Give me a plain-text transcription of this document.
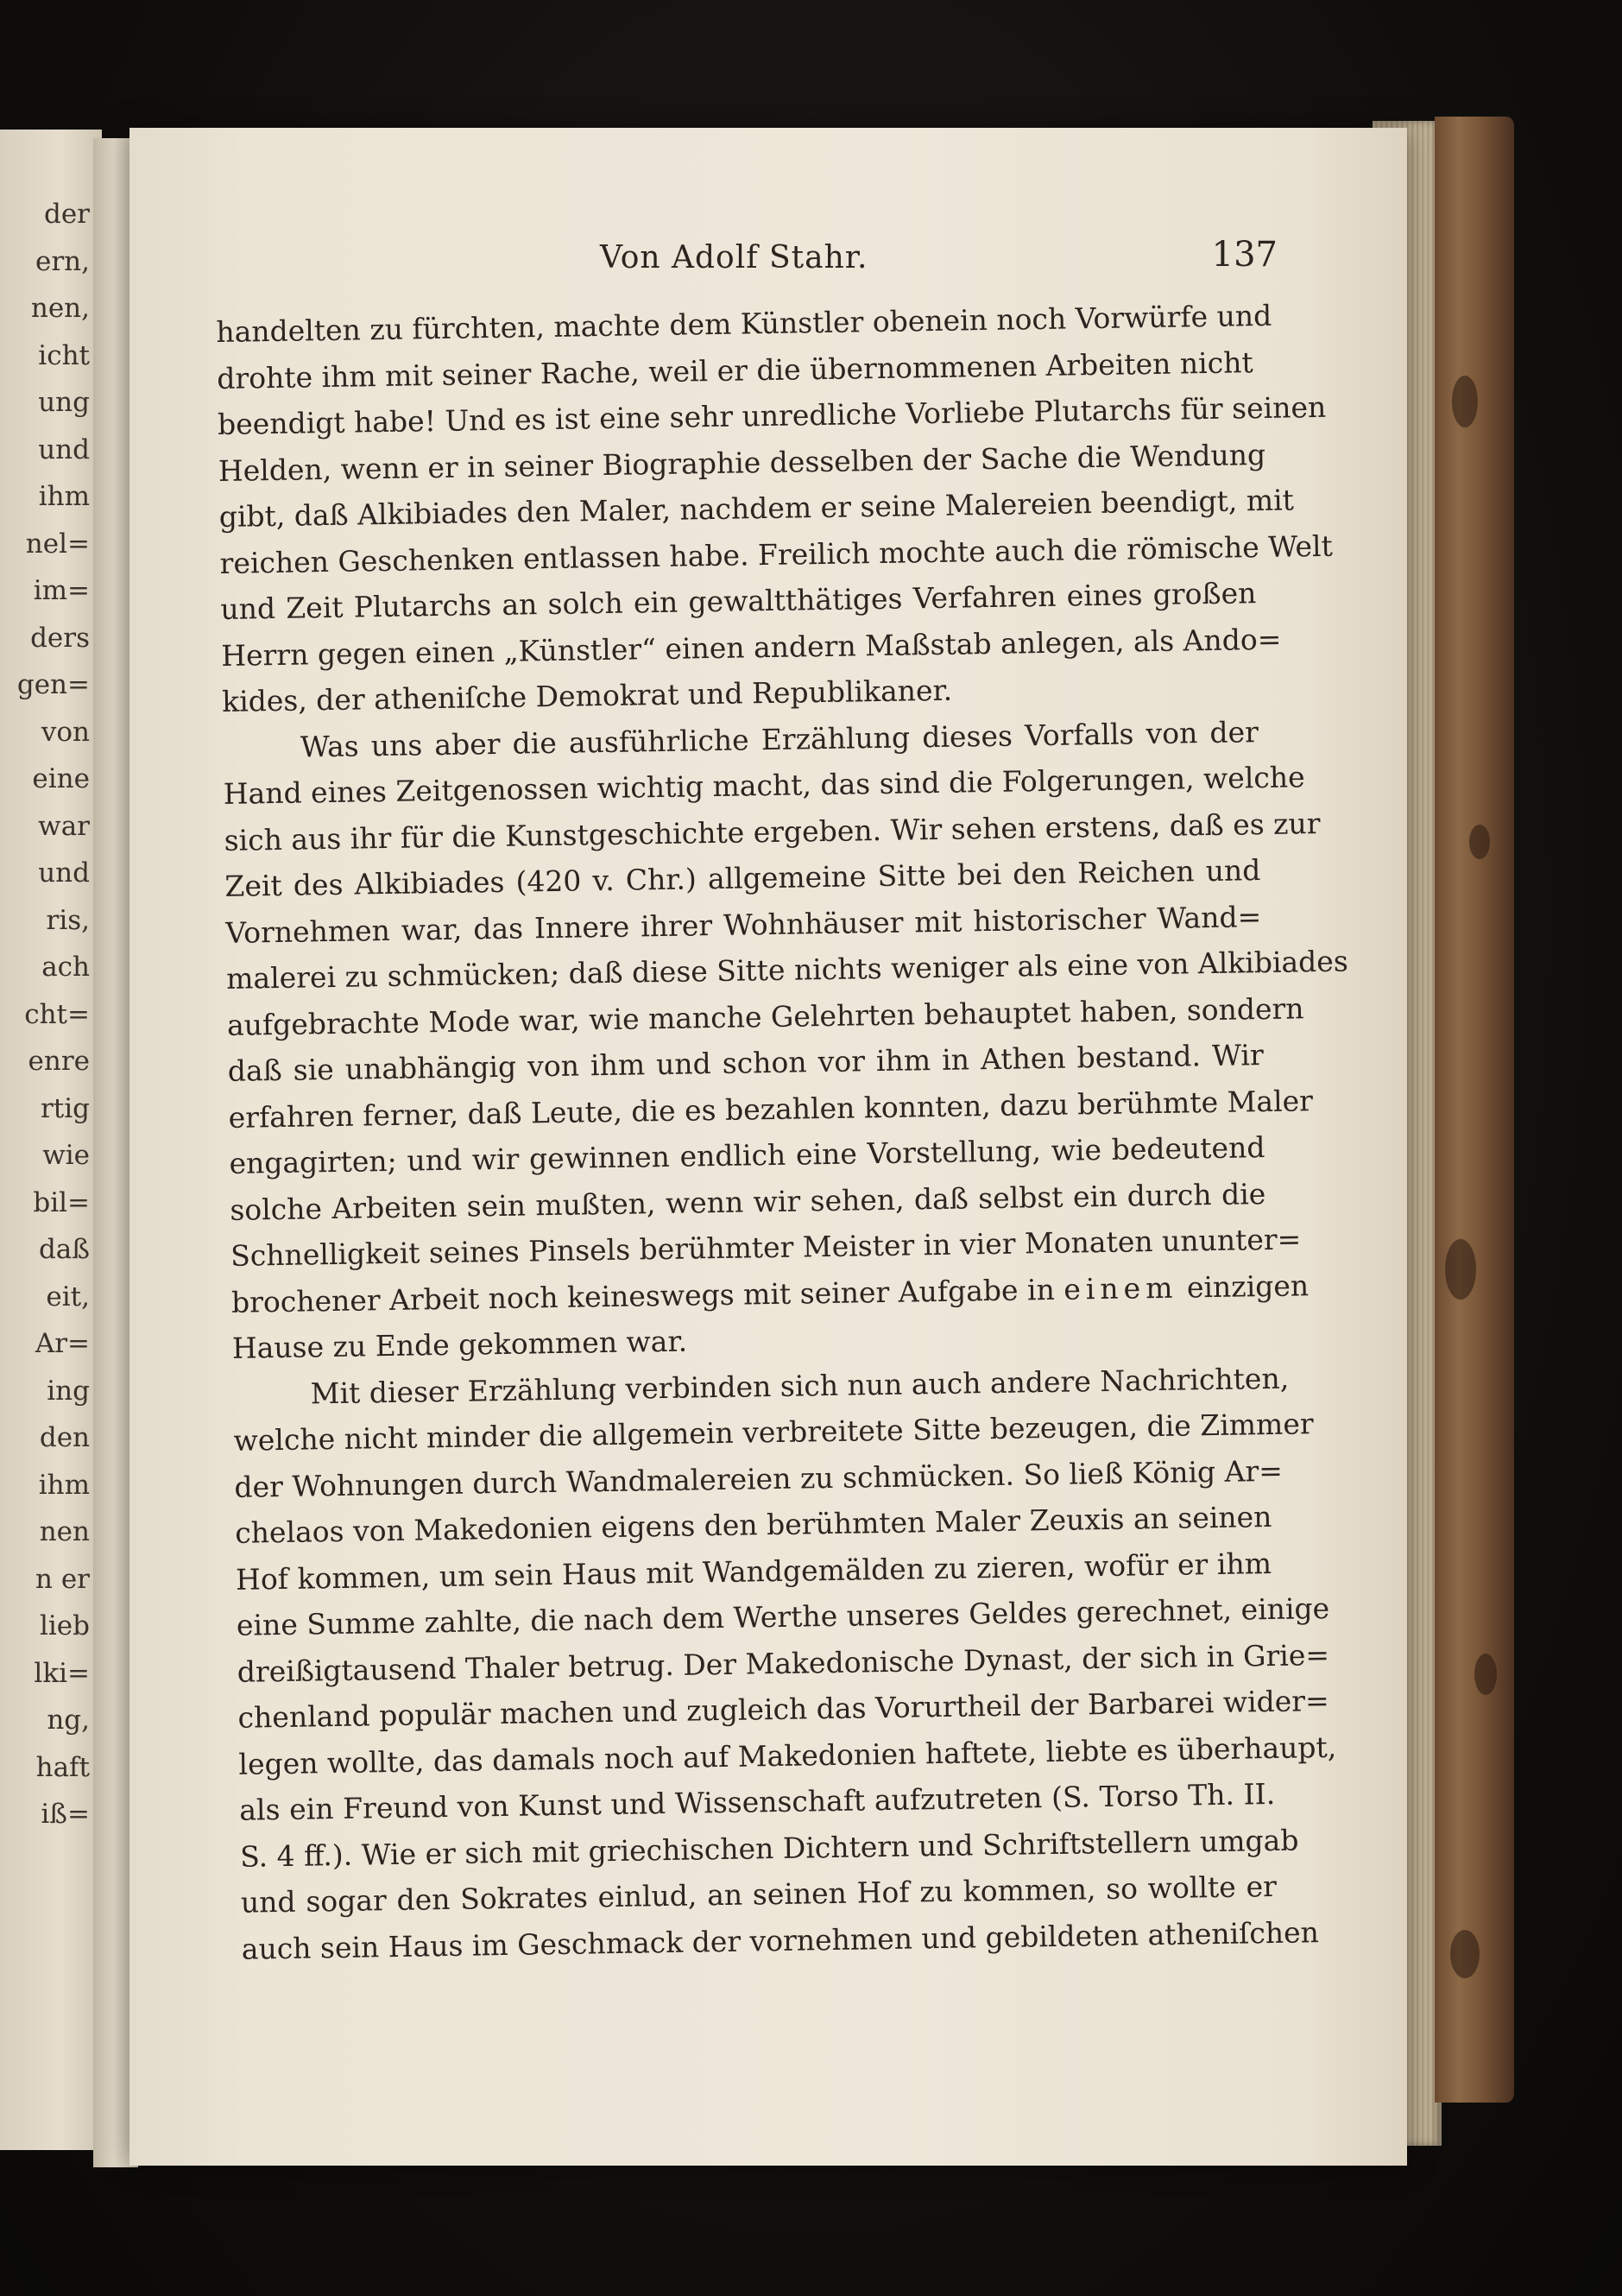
der
ern,
nen,
icht
ung
und
ihm
nel=
im=
ders
gen=
von
eine
war
und
ris,
ach
cht=
enre
rtig
wie
bil=
daß
eit,
Ar=
ing
den
ihm
nen
n er
lieb
lki=
ng,
haft
iß=
Von Adolf Stahr.	137
handelten zu fürchten, machte dem Künstler obenein noch Vorwürfe und
drohte ihm mit seiner Rache, weil er die übernommenen Arbeiten nicht
beendigt habe! Und es ist eine sehr unredliche Vorliebe Plutarchs für seinen
Helden, wenn er in seiner Biographie desselben der Sache die Wendung
gibt, daß Alkibiades den Maler, nachdem er seine Malereien beendigt, mit
reichen Geschenken entlassen habe. Freilich mochte auch die römische Welt
und Zeit Plutarchs an solch ein gewaltthätiges Verfahren eines großen
Herrn gegen einen „Künstler“ einen andern Maßstab anlegen, als Ando=
kides, der atheniſche Demokrat und Republikaner.
Was uns aber die ausführliche Erzählung dieses Vorfalls von der
Hand eines Zeitgenossen wichtig macht, das sind die Folgerungen, welche
sich aus ihr für die Kunstgeschichte ergeben. Wir sehen erstens, daß es zur
Zeit des Alkibiades (420 v. Chr.) allgemeine Sitte bei den Reichen und
Vornehmen war, das Innere ihrer Wohnhäuser mit historischer Wand=
malerei zu schmücken; daß diese Sitte nichts weniger als eine von Alkibiades
aufgebrachte Mode war, wie manche Gelehrten behauptet haben, sondern
daß sie unabhängig von ihm und schon vor ihm in Athen bestand. Wir
erfahren ferner, daß Leute, die es bezahlen konnten, dazu berühmte Maler
engagirten; und wir gewinnen endlich eine Vorstellung, wie bedeutend
solche Arbeiten sein mußten, wenn wir sehen, daß selbst ein durch die
Schnelligkeit seines Pinsels berühmter Meister in vier Monaten ununter=
brochener Arbeit noch keineswegs mit seiner Aufgabe in einem einzigen
Hause zu Ende gekommen war.
Mit dieser Erzählung verbinden sich nun auch andere Nachrichten,
welche nicht minder die allgemein verbreitete Sitte bezeugen, die Zimmer
der Wohnungen durch Wandmalereien zu schmücken. So ließ König Ar=
chelaos von Makedonien eigens den berühmten Maler Zeuxis an seinen
Hof kommen, um sein Haus mit Wandgemälden zu zieren, wofür er ihm
eine Summe zahlte, die nach dem Werthe unseres Geldes gerechnet, einige
dreißigtausend Thaler betrug. Der Makedonische Dynast, der sich in Grie=
chenland populär machen und zugleich das Vorurtheil der Barbarei wider=
legen wollte, das damals noch auf Makedonien haftete, liebte es überhaupt,
als ein Freund von Kunst und Wissenschaft aufzutreten (S. Torso Th. II.
S. 4 ff.). Wie er sich mit griechischen Dichtern und Schriftstellern umgab
und sogar den Sokrates einlud, an seinen Hof zu kommen, so wollte er
auch sein Haus im Geschmack der vornehmen und gebildeten atheniſchen
